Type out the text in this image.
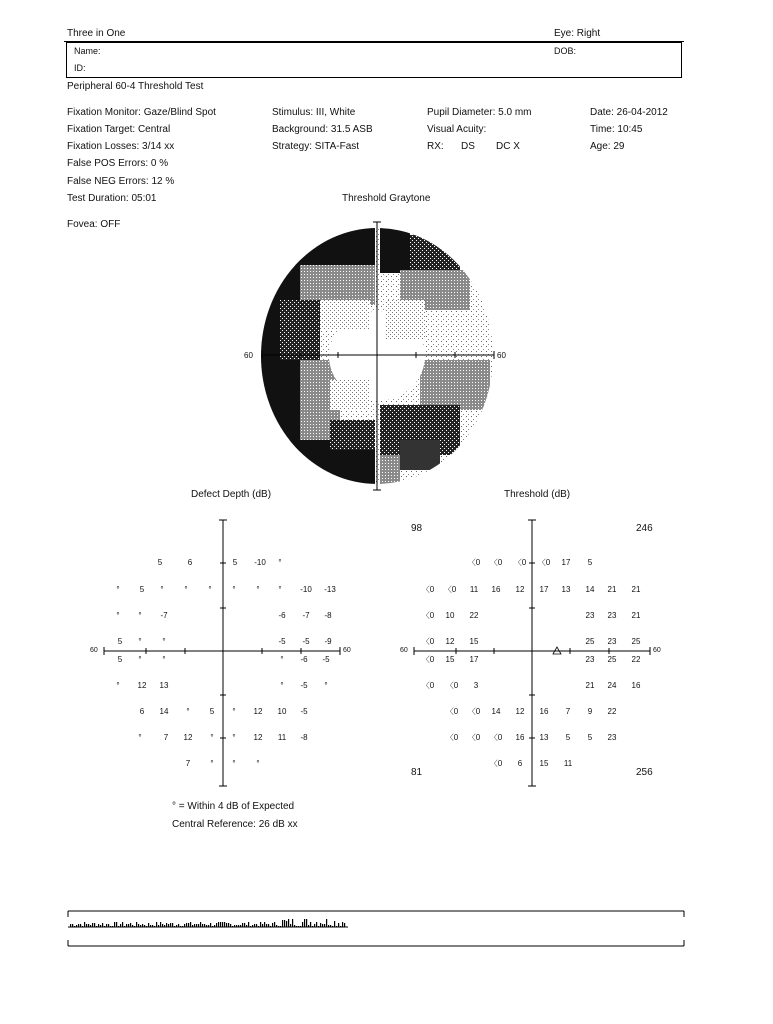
Three in One	Eye: Right
Name:	DOB:
ID:
Peripheral 60-4 Threshold Test
Fixation Monitor: Gaze/Blind Spot
Fixation Target: Central
Fixation Losses: 3/14 xx
False POS Errors: 0 %
False NEG Errors: 12 %
Test Duration: 05:01
Fovea: OFF
Stimulus: III, White
Background: 31.5 ASB
Strategy: SITA-Fast
Pupil Diameter: 5.0 mm
Visual Acuity:
RX: DS DC X
Date: 26-04-2012
Time: 10:45
Age: 29
Threshold Graytone
60	60
Defect Depth (dB)	Threshold (dB)
5	6	5 -10 °
°	5 °	°	°	°	° ° -10 -13
° ° -7	-6 -7 -8
5 °	°	-5 -5 -9
5 °	°	° -6 -5
° 12 13	° -5 °
6 14 °	5 ° 12 10 -5
°	7 12 ° ° 12 11 -8
7	° °	°
60	60
〈0 〈0 〈0 〈0 17 5
〈0 〈0 11 16 12 17 13 14 21 21
〈0 10 22	23 23 21
〈0 12 15	25 23 25
〈0 15 17	23 25 22
〈0 〈0 3	21 24 16
〈0 〈0 14 12 16 7 9 22
〈0 〈0 〈0 16 13 5 5 23
〈0 6 15 11
60	60
98	246
81	256
° = Within 4 dB of Expected
Central Reference: 26 dB xx
